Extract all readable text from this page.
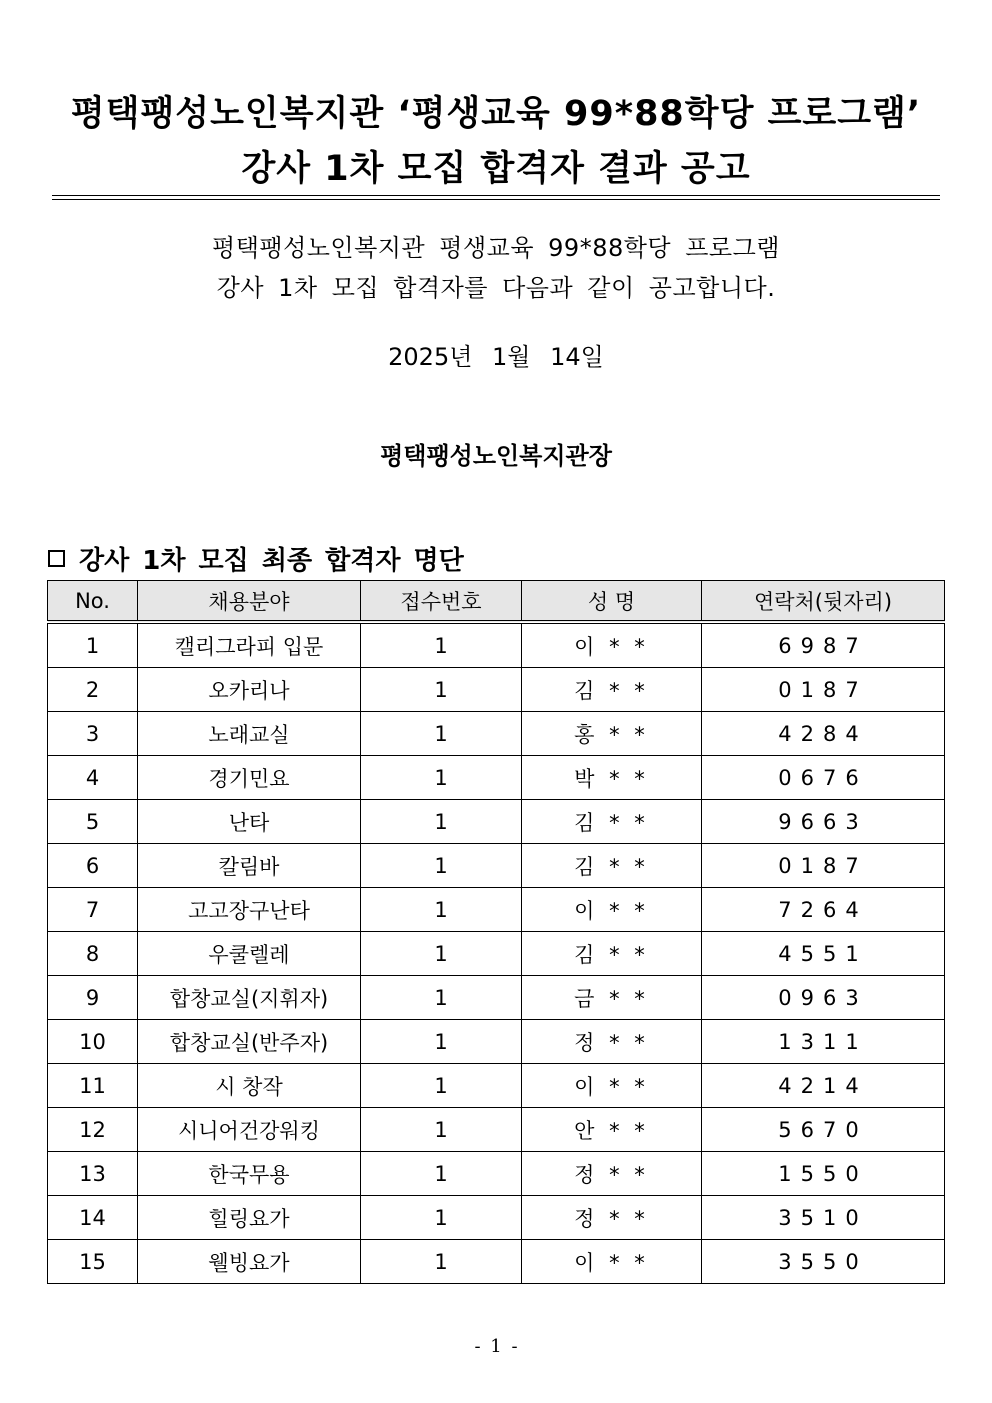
평택팽성노인복지관 ‘평생교육 99*88학당 프로그램’
강사 1차 모집 합격자 결과 공고
평택팽성노인복지관 평생교육 99*88학당 프로그램
강사 1차 모집 합격자를 다음과 같이 공고합니다.
2025년 1월 14일
평택팽성노인복지관장
강사 1차 모집 최종 합격자 명단
No.	채용분야	접수번호	성 명	연락처(뒷자리)
1	캘리그라피 입문	1	이 * *	6987
2	오카리나	1	김 * *	0187
3	노래교실	1	홍 * *	4284
4	경기민요	1	박 * *	0676
5	난타	1	김 * *	9663
6	칼림바	1	김 * *	0187
7	고고장구난타	1	이 * *	7264
8	우쿨렐레	1	김 * *	4551
9	합창교실(지휘자)	1	금 * *	0963
10	합창교실(반주자)	1	정 * *	1311
11	시 창작	1	이 * *	4214
12	시니어건강워킹	1	안 * *	5670
13	한국무용	1	정 * *	1550
14	힐링요가	1	정 * *	3510
15	웰빙요가	1	이 * *	3550
- 1 -
